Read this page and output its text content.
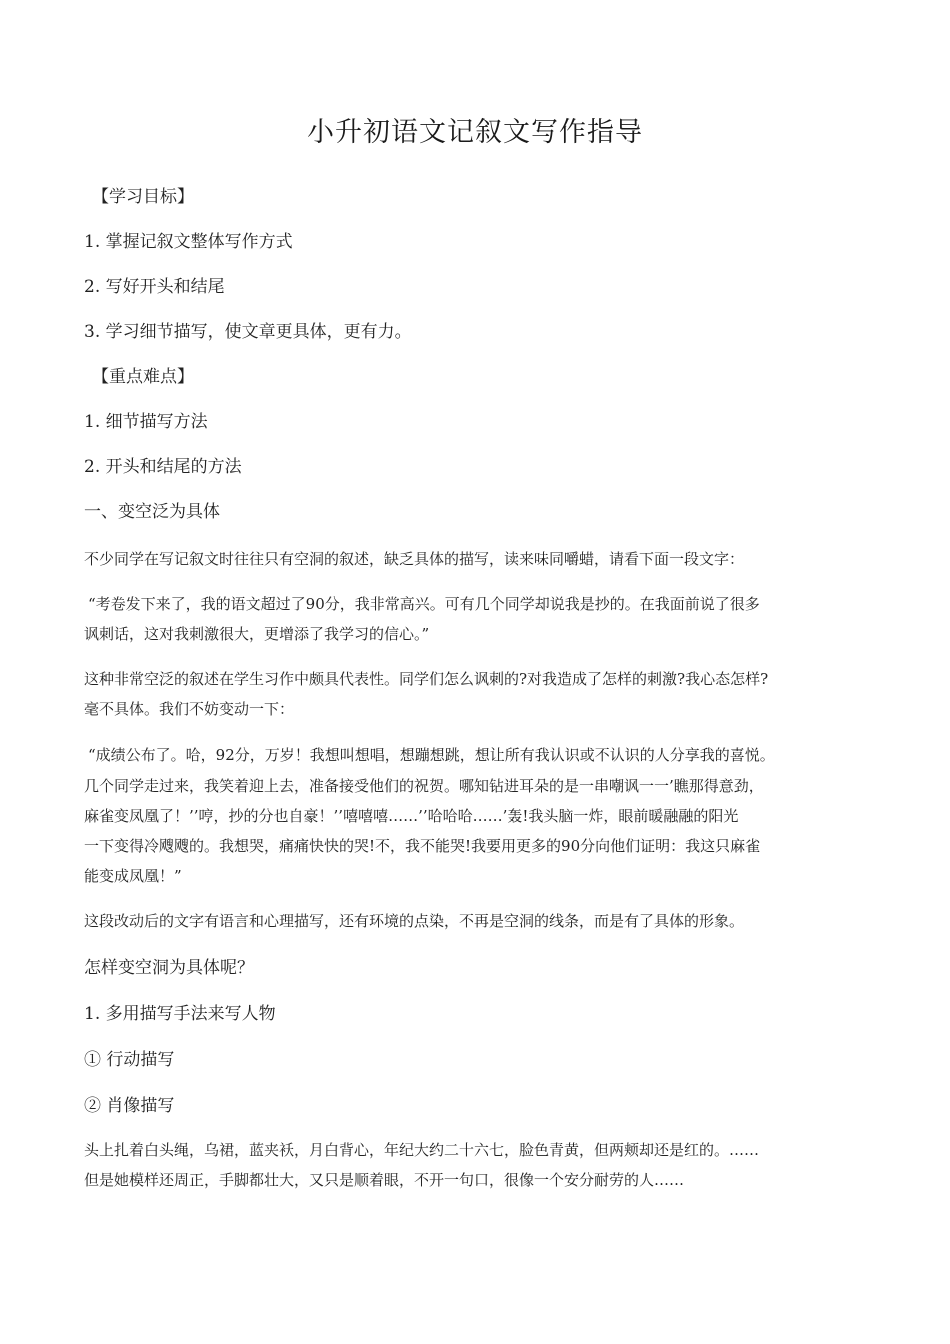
小升初语文记叙文写作指导
【学习目标】
1. 掌握记叙文整体写作方式
2. 写好开头和结尾
3. 学习细节描写，使文章更具体，更有力。
【重点难点】
1. 细节描写方法
2. 开头和结尾的方法
一、变空泛为具体
不少同学在写记叙文时往往只有空洞的叙述，缺乏具体的描写，读来味同嚼蜡，请看下面一段文字：
“考卷发下来了，我的语文超过了90分，我非常高兴。可有几个同学却说我是抄的。在我面前说了很多
讽刺话，这对我刺激很大，更增添了我学习的信心。”
这种非常空泛的叙述在学生习作中颇具代表性。同学们怎么讽刺的?对我造成了怎样的刺激?我心态怎样?
毫不具体。我们不妨变动一下：
“成绩公布了。哈，92分，万岁！我想叫想唱，想蹦想跳，想让所有我认识或不认识的人分享我的喜悦。
几个同学走过来，我笑着迎上去，准备接受他们的祝贺。哪知钻进耳朵的是一串嘲讽一一’瞧那得意劲，
麻雀变凤凰了！’’哼，抄的分也自豪！’’嘻嘻嘻……’’哈哈哈……’轰!我头脑一炸，眼前暖融融的阳光
一下变得冷飕飕的。我想哭，痛痛快快的哭!不，我不能哭!我要用更多的90分向他们证明：我这只麻雀
能变成凤凰！”
这段改动后的文字有语言和心理描写，还有环境的点染，不再是空洞的线条，而是有了具体的形象。
怎样变空洞为具体呢？
1. 多用描写手法来写人物
① 行动描写
② 肖像描写
头上扎着白头绳，乌裙，蓝夹袄，月白背心，年纪大约二十六七，脸色青黄，但两颊却还是红的。……
但是她模样还周正，手脚都壮大，又只是顺着眼，不开一句口，很像一个安分耐劳的人……
